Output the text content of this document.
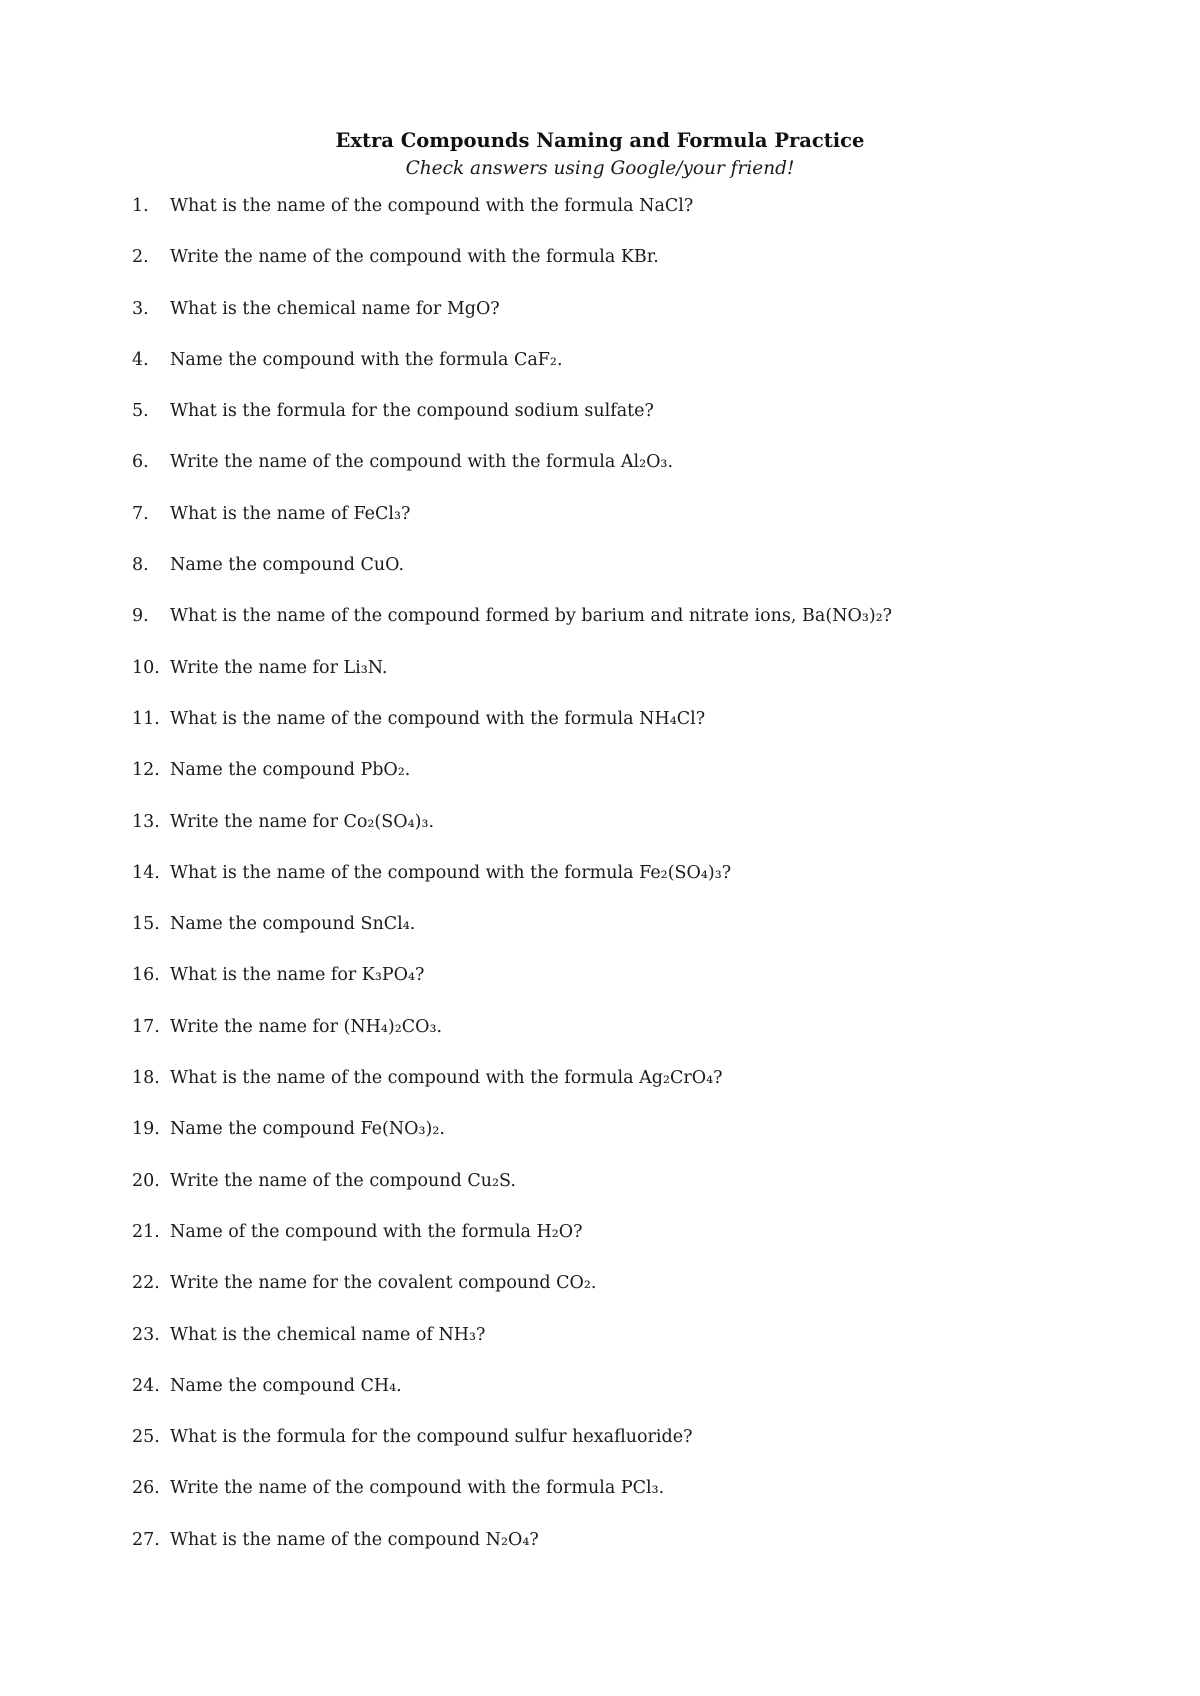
Extra Compounds Naming and Formula Practice
Check answers using Google/your friend!
1.	What is the name of the compound with the formula NaCl?
2.	Write the name of the compound with the formula KBr.
3.	What is the chemical name for MgO?
4.	Name the compound with the formula CaF₂.
5.	What is the formula for the compound sodium sulfate?
6.	Write the name of the compound with the formula Al₂O₃.
7.	What is the name of FeCl₃?
8.	Name the compound CuO.
9.	What is the name of the compound formed by barium and nitrate ions, Ba(NO₃)₂?
10. Write the name for Li₃N.
11. What is the name of the compound with the formula NH₄Cl?
12. Name the compound PbO₂.
13. Write the name for Co₂(SO₄)₃.
14. What is the name of the compound with the formula Fe₂(SO₄)₃?
15. Name the compound SnCl₄.
16. What is the name for K₃PO₄?
17. Write the name for (NH₄)₂CO₃.
18. What is the name of the compound with the formula Ag₂CrO₄?
19. Name the compound Fe(NO₃)₂.
20. Write the name of the compound Cu₂S.
21. Name of the compound with the formula H₂O?
22. Write the name for the covalent compound CO₂.
23. What is the chemical name of NH₃?
24. Name the compound CH₄.
25. What is the formula for the compound sulfur hexafluoride?
26. Write the name of the compound with the formula PCl₃.
27. What is the name of the compound N₂O₄?
